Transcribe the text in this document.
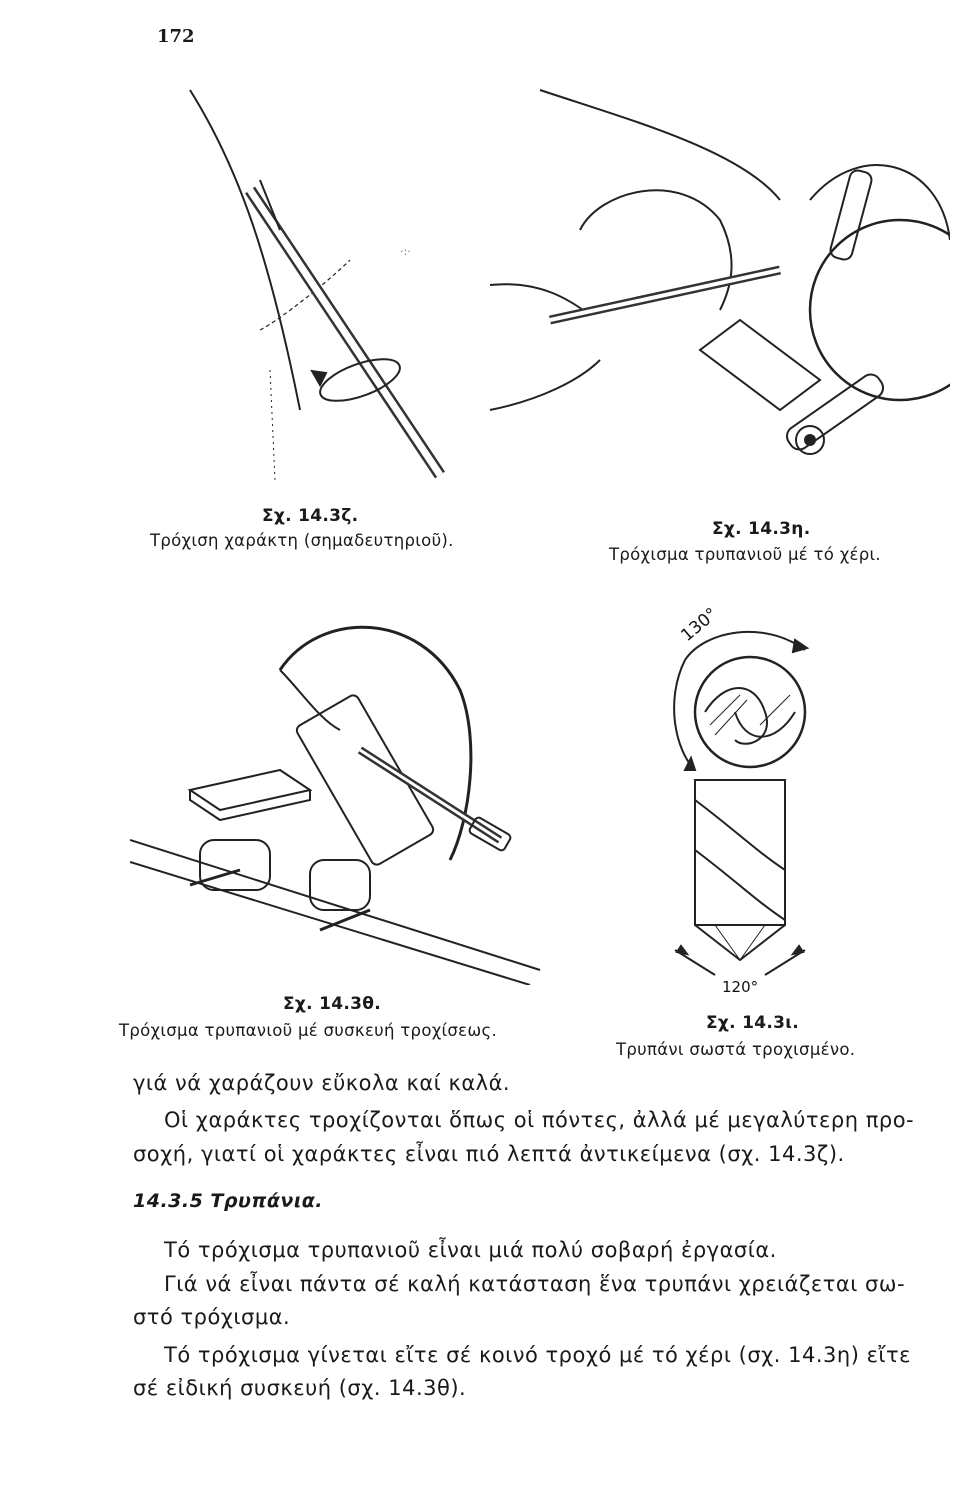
172
·:·
Σχ. 14.3ζ.
Τρόχιση χαράκτη (σημαδευτηριοῦ).
Σχ. 14.3η.
Τρόχισμα τρυπανιοῦ μέ τό χέρι.
Σχ. 14.3θ.
Τρόχισμα τρυπανιοῦ μέ συσκευή τροχίσεως.
130°
120°
Σχ. 14.3ι.
Τρυπάνι σωστά τροχισμένο.
γιά νά χαράζουν εὔκολα καί καλά.
Οἱ χαράκτες τροχίζονται ὅπως οἱ πόντες, ἀλλά μέ μεγαλύτερη προ-
σοχή, γιατί οἱ χαράκτες εἶναι πιό λεπτά ἀντικείμενα (σχ. 14.3ζ).
14.3.5 Τρυπάνια.
Τό τρόχισμα τρυπανιοῦ εἶναι μιά πολύ σοβαρή ἐργασία.
Γιά νά εἶναι πάντα σέ καλή κατάσταση ἕνα τρυπάνι χρειάζεται σω-
στό τρόχισμα.
Τό τρόχισμα γίνεται εἴτε σέ κοινό τροχό μέ τό χέρι (σχ. 14.3η) εἴτε
σέ εἰδική συσκευή (σχ. 14.3θ).
